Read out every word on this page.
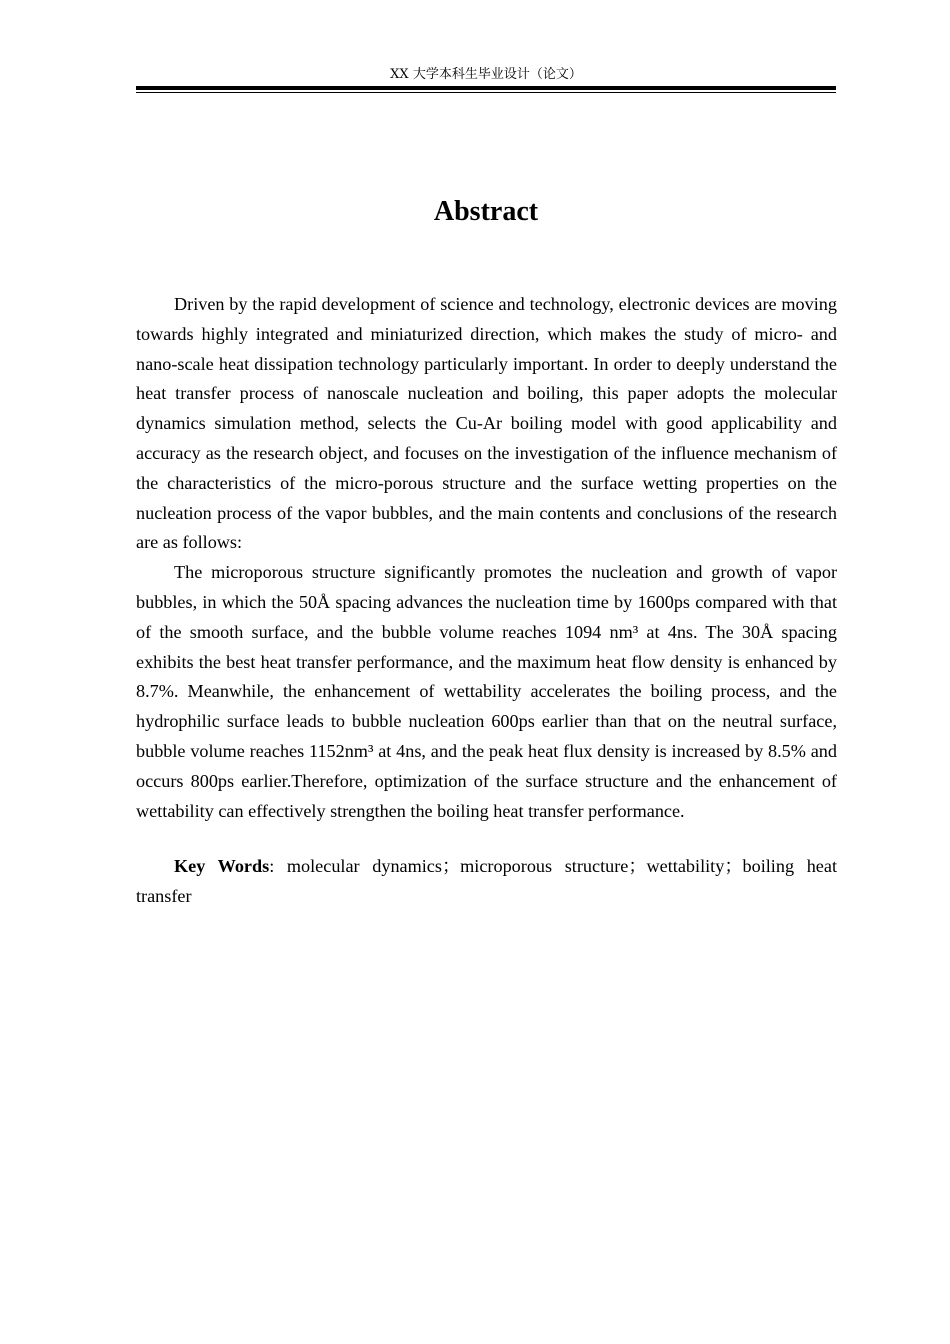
XX 大学本科生毕业设计（论文）
Abstract

Driven by the rapid development of science and technology, electronic devices are moving towards highly integrated and miniaturized direction, which makes the study of micro- and nano-scale heat dissipation technology particularly important. In order to deeply understand the heat transfer process of nanoscale nucleation and boiling, this paper adopts the molecular dynamics simulation method, selects the Cu-Ar boiling model with good applicability and accuracy as the research object, and focuses on the investigation of the influence mechanism of the characteristics of the micro-porous structure and the surface wetting properties on the nucleation process of the vapor bubbles, and the main contents and conclusions of the research are as follows:

The microporous structure significantly promotes the nucleation and growth of vapor bubbles, in which the 50Å spacing advances the nucleation time by 1600ps compared with that of the smooth surface, and the bubble volume reaches 1094 nm³ at 4ns. The 30Å spacing exhibits the best heat transfer performance, and the maximum heat flow density is enhanced by 8.7%. Meanwhile, the enhancement of wettability accelerates the boiling process, and the hydrophilic surface leads to bubble nucleation 600ps earlier than that on the neutral surface, bubble volume reaches 1152nm³ at 4ns, and the peak heat flux density is increased by 8.5% and occurs 800ps earlier.Therefore, optimization of the surface structure and the enhancement of wettability can effectively strengthen the boiling heat transfer performance.

Key Words: molecular dynamics；microporous structure；wettability；boiling heat transfer
